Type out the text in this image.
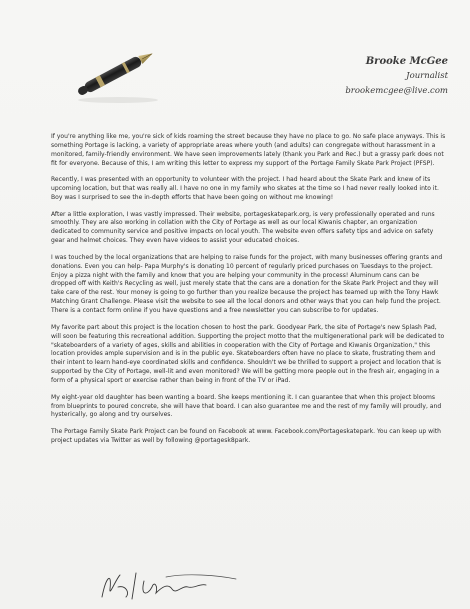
Brooke McGee
Journalist
brookemcgee@live.com

If you're anything like me, you're sick of kids roaming the street because they have no place to go. No safe place anyways. This is something Portage is lacking, a variety of appropriate areas where youth (and adults) can congregate without harassment in a monitored, family-friendly environment. We have seen improvements lately (thank you Park and Rec.) but a grassy park does not fit for everyone. Because of this, I am writing this letter to express my support of the Portage Family Skate Park Project (PFSP).

Recently, I was presented with an opportunity to volunteer with the project. I had heard about the Skate Park and knew of its upcoming location, but that was really all. I have no one in my family who skates at the time so I had never really looked into it. Boy was I surprised to see the in-depth efforts that have been going on without me knowing!

After a little exploration, I was vastly impressed. Their website, portageskatepark.org, is very professionally operated and runs smoothly. They are also working in collation with the City of Portage as well as our local Kiwanis chapter, an organization dedicated to community service and positive impacts on local youth. The website even offers safety tips and advice on safety gear and helmet choices. They even have videos to assist your educated choices.

I was touched by the local organizations that are helping to raise funds for the project, with many businesses offering grants and donations. Even you can help- Papa Murphy's is donating 10 percent of regularly priced purchases on Tuesdays to the project. Enjoy a pizza night with the family and know that you are helping your community in the process! Aluminum cans can be dropped off with Keith's Recycling as well, just merely state that the cans are a donation for the Skate Park Project and they will take care of the rest. Your money is going to go further than you realize because the project has teamed up with the Tony Hawk Matching Grant Challenge. Please visit the website to see all the local donors and other ways that you can help fund the project. There is a contact form online if you have questions and a free newsletter you can subscribe to for updates.

My favorite part about this project is the location chosen to host the park. Goodyear Park, the site of Portage's new Splash Pad, will soon be featuring this recreational addition. Supporting the project motto that the multigenerational park will be dedicated to "skateboarders of a variety of ages, skills and abilities in cooperation with the City of Portage and Kiwanis Organization," this location provides ample supervision and is in the public eye. Skateboarders often have no place to skate, frustrating them and their intent to learn hand-eye coordinated skills and confidence. Shouldn't we be thrilled to support a project and location that is supported by the City of Portage, well-lit and even monitored? We will be getting more people out in the fresh air, engaging in a form of a physical sport or exercise rather than being in front of the TV or iPad.

My eight-year old daughter has been wanting a board. She keeps mentioning it. I can guarantee that when this project blooms from blueprints to poured concrete, she will have that board. I can also guarantee me and the rest of my family will proudly, and hysterically, go along and try ourselves.

The Portage Family Skate Park Project can be found on Facebook at www. Facebook.com/Portageskatepark. You can keep up with project updates via Twitter as well by following @portagesk8park.
